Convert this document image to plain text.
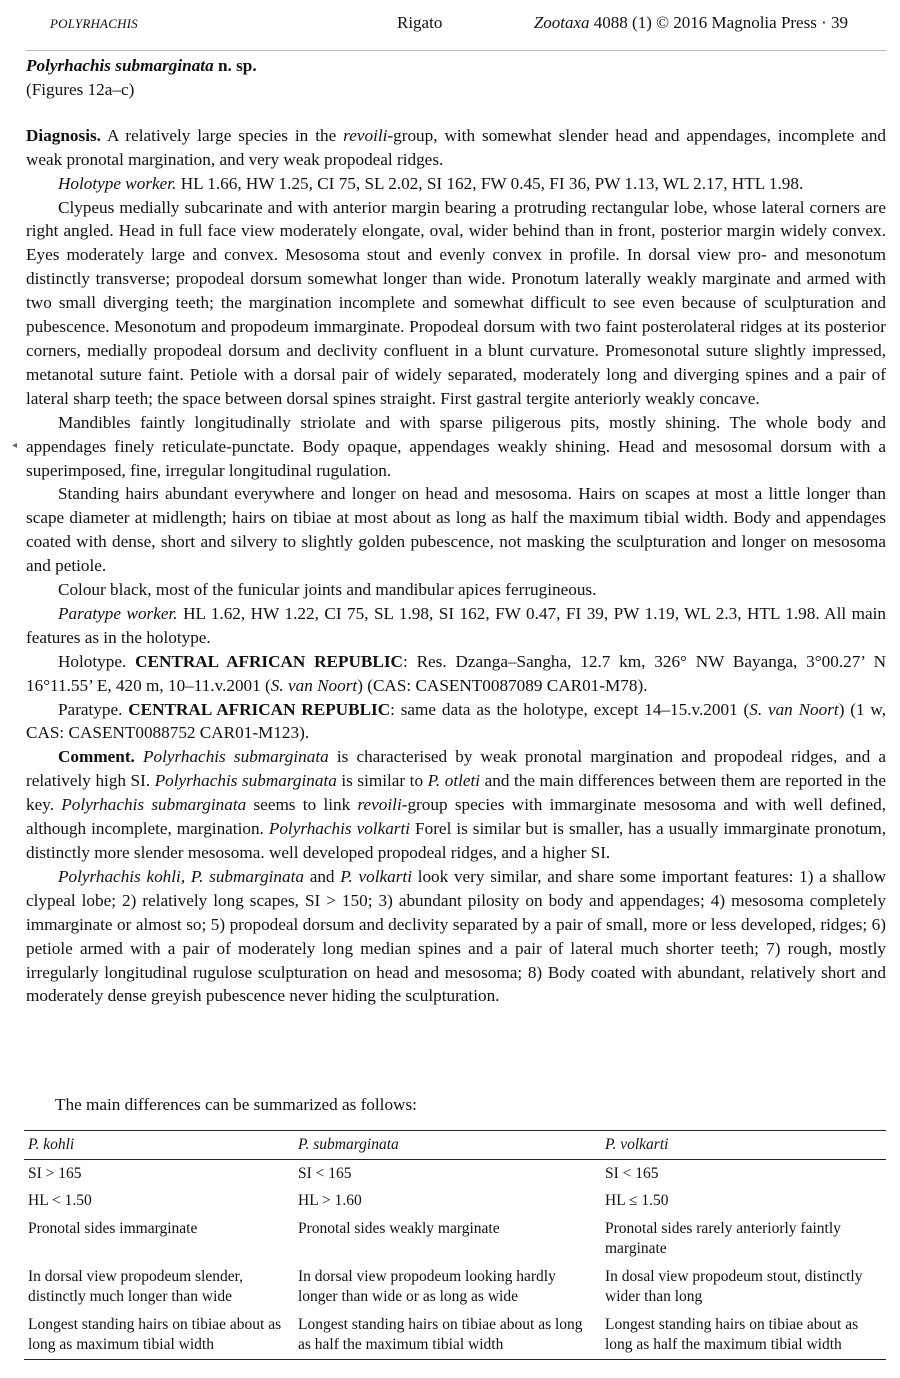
POLYRHACHIS	Rigato	Zootaxa 4088 (1) © 2016 Magnolia Press · 39
◂

Polyrhachis submarginata n. sp.

(Figures 12a–c)

Diagnosis. A relatively large species in the revoili-group, with somewhat slender head and appendages, incomplete and weak pronotal margination, and very weak propodeal ridges.

Holotype worker. HL 1.66, HW 1.25, CI 75, SL 2.02, SI 162, FW 0.45, FI 36, PW 1.13, WL 2.17, HTL 1.98.

Clypeus medially subcarinate and with anterior margin bearing a protruding rectangular lobe, whose lateral corners are right angled. Head in full face view moderately elongate, oval, wider behind than in front, posterior margin widely convex. Eyes moderately large and convex. Mesosoma stout and evenly convex in profile. In dorsal view pro- and mesonotum distinctly transverse; propodeal dorsum somewhat longer than wide. Pronotum laterally weakly marginate and armed with two small diverging teeth; the margination incomplete and somewhat difficult to see even because of sculpturation and pubescence. Mesonotum and propodeum immarginate. Propodeal dorsum with two faint posterolateral ridges at its posterior corners, medially propodeal dorsum and declivity confluent in a blunt curvature. Promesonotal suture slightly impressed, metanotal suture faint. Petiole with a dorsal pair of widely separated, moderately long and diverging spines and a pair of lateral sharp teeth; the space between dorsal spines straight. First gastral tergite anteriorly weakly concave.

Mandibles faintly longitudinally striolate and with sparse piligerous pits, mostly shining. The whole body and appendages finely reticulate-punctate. Body opaque, appendages weakly shining. Head and mesosomal dorsum with a superimposed, fine, irregular longitudinal rugulation.

Standing hairs abundant everywhere and longer on head and mesosoma. Hairs on scapes at most a little longer than scape diameter at midlength; hairs on tibiae at most about as long as half the maximum tibial width. Body and appendages coated with dense, short and silvery to slightly golden pubescence, not masking the sculpturation and longer on mesosoma and petiole.

Colour black, most of the funicular joints and mandibular apices ferrugineous.

Paratype worker. HL 1.62, HW 1.22, CI 75, SL 1.98, SI 162, FW 0.47, FI 39, PW 1.19, WL 2.3, HTL 1.98. All main features as in the holotype.

Holotype. CENTRAL AFRICAN REPUBLIC: Res. Dzanga–Sangha, 12.7 km, 326° NW Bayanga, 3°00.27’ N 16°11.55’ E, 420 m, 10–11.v.2001 (S. van Noort) (CAS: CASENT0087089 CAR01-M78).

Paratype. CENTRAL AFRICAN REPUBLIC: same data as the holotype, except 14–15.v.2001 (S. van Noort) (1 w, CAS: CASENT0088752 CAR01-M123).

Comment. Polyrhachis submarginata is characterised by weak pronotal margination and propodeal ridges, and a relatively high SI. Polyrhachis submarginata is similar to P. otleti and the main differences between them are reported in the key. Polyrhachis submarginata seems to link revoili-group species with immarginate mesosoma and with well defined, although incomplete, margination. Polyrhachis volkarti Forel is similar but is smaller, has a usually immarginate pronotum, distinctly more slender mesosoma. well developed propodeal ridges, and a higher SI.

Polyrhachis kohli, P. submarginata and P. volkarti look very similar, and share some important features: 1) a shallow clypeal lobe; 2) relatively long scapes, SI > 150; 3) abundant pilosity on body and appendages; 4) mesosoma completely immarginate or almost so; 5) propodeal dorsum and declivity separated by a pair of small, more or less developed, ridges; 6) petiole armed with a pair of moderately long median spines and a pair of lateral much shorter teeth; 7) rough, mostly irregularly longitudinal rugulose sculpturation on head and mesosoma; 8) Body coated with abundant, relatively short and moderately dense greyish pubescence never hiding the sculpturation.

The main differences can be summarized as follows:
P. kohli	P. submarginata	P. volkarti
SI > 165	SI < 165	SI < 165
HL < 1.50	HL > 1.60	HL ≤ 1.50
Pronotal sides immarginate	Pronotal sides weakly marginate	Pronotal sides rarely anteriorly faintly marginate
In dorsal view propodeum slender, distinctly much longer than wide	In dorsal view propodeum looking hardly longer than wide or as long as wide	In dosal view propodeum stout, distinctly wider than long
Longest standing hairs on tibiae about as long as maximum tibial width	Longest standing hairs on tibiae about as long as half the maximum tibial width	Longest standing hairs on tibiae about as long as half the maximum tibial width
